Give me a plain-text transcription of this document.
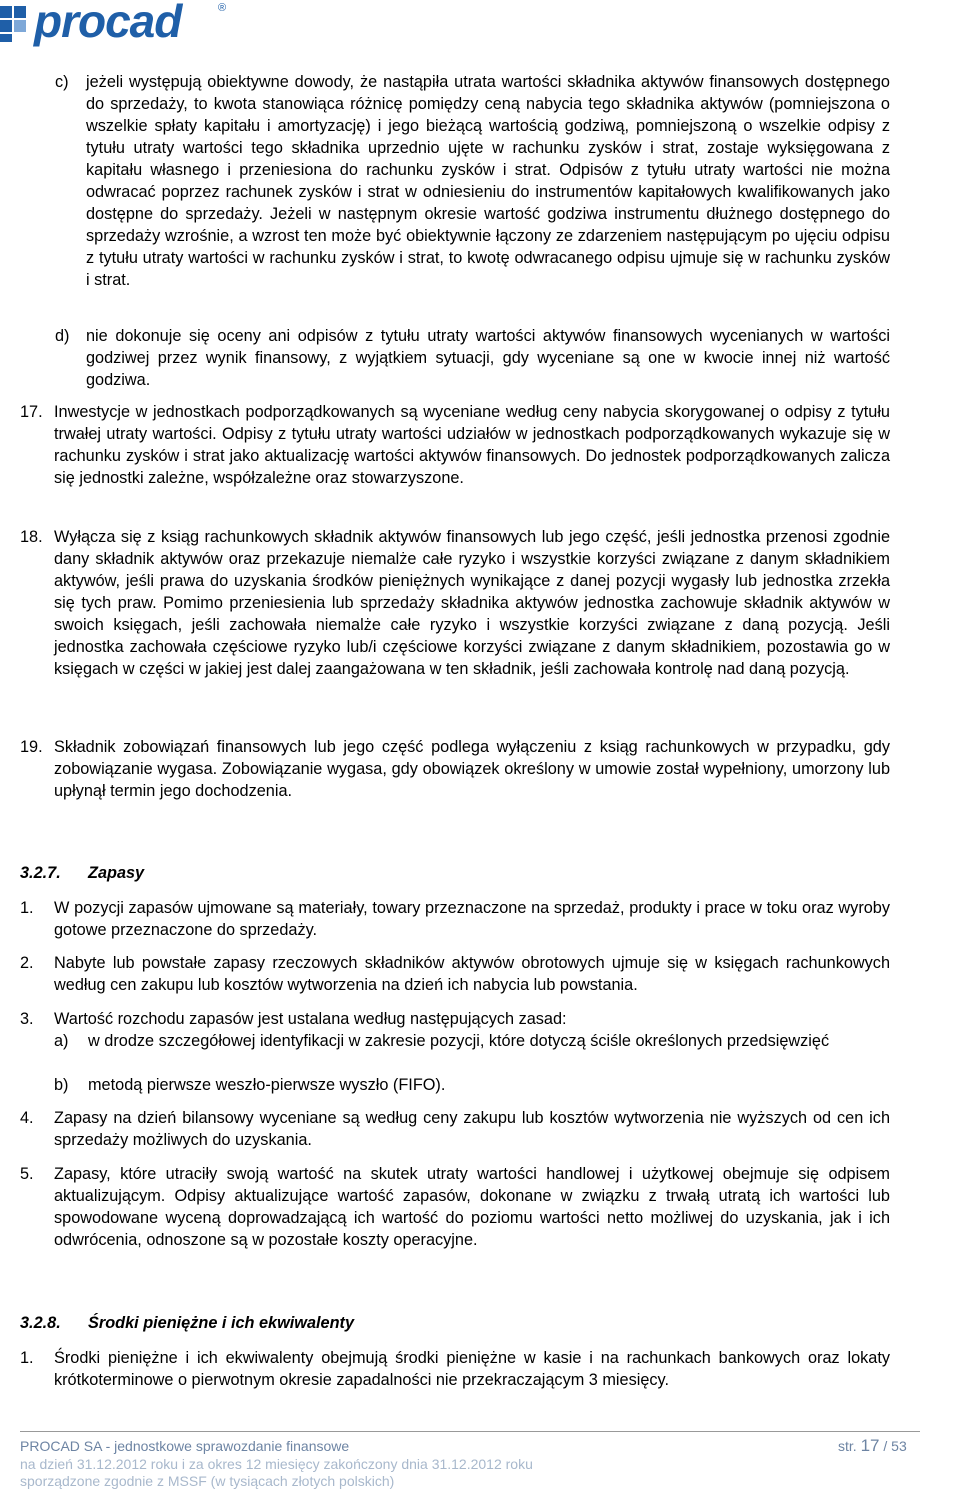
procad	®
c) jeżeli występują obiektywne dowody, że nastąpiła utrata wartości składnika aktywów finansowych dostępnego do sprzedaży, to kwota stanowiąca różnicę pomiędzy ceną nabycia tego składnika aktywów (pomniejszona o wszelkie spłaty kapitału i amortyzację) i jego bieżącą wartością godziwą, pomniejszoną o wszelkie odpisy z tytułu utraty wartości tego składnika uprzednio ujęte w rachunku zysków i strat, zostaje wyksięgowana z kapitału własnego i przeniesiona do rachunku zysków i strat. Odpisów z tytułu utraty wartości nie można odwracać poprzez rachunek zysków i strat w odniesieniu do instrumentów kapitałowych kwalifikowanych jako dostępne do sprzedaży. Jeżeli w następnym okresie wartość godziwa instrumentu dłużnego dostępnego do sprzedaży wzrośnie, a wzrost ten może być obiektywnie łączony ze zdarzeniem następującym po ujęciu odpisu z tytułu utraty wartości w rachunku zysków i strat, to kwotę odwracanego odpisu ujmuje się w rachunku zysków i strat.

d) nie dokonuje się oceny ani odpisów z tytułu utraty wartości aktywów finansowych wycenianych w wartości godziwej przez wynik finansowy, z wyjątkiem sytuacji, gdy wyceniane są one w kwocie innej niż wartość godziwa.

17. Inwestycje w jednostkach podporządkowanych są wyceniane według ceny nabycia skorygowanej o odpisy z tytułu trwałej utraty wartości. Odpisy z tytułu utraty wartości udziałów w jednostkach podporządkowanych wykazuje się w rachunku zysków i strat jako aktualizację wartości aktywów finansowych. Do jednostek podporządkowanych zalicza się jednostki zależne, współzależne oraz stowarzyszone.

18. Wyłącza się z ksiąg rachunkowych składnik aktywów finansowych lub jego część, jeśli jednostka przenosi zgodnie dany składnik aktywów oraz przekazuje niemalże całe ryzyko i wszystkie korzyści związane z danym składnikiem aktywów, jeśli prawa do uzyskania środków pieniężnych wynikające z danej pozycji wygasły lub jednostka zrzekła się tych praw. Pomimo przeniesienia lub sprzedaży składnika aktywów jednostka zachowuje składnik aktywów w swoich księgach, jeśli zachowała niemalże całe ryzyko i wszystkie korzyści związane z daną pozycją. Jeśli jednostka zachowała częściowe ryzyko lub/i częściowe korzyści związane z danym składnikiem, pozostawia go w księgach w części w jakiej jest dalej zaangażowana w ten składnik, jeśli zachowała kontrolę nad daną pozycją.

19. Składnik zobowiązań finansowych lub jego część podlega wyłączeniu z ksiąg rachunkowych w przypadku, gdy zobowiązanie wygasa. Zobowiązanie wygasa, gdy obowiązek określony w umowie został wypełniony, umorzony lub upłynął termin jego dochodzenia.

3.2.7. Zapasy
1. W pozycji zapasów ujmowane są materiały, towary przeznaczone na sprzedaż, produkty i prace w toku oraz wyroby gotowe przeznaczone do sprzedaży.

2. Nabyte lub powstałe zapasy rzeczowych składników aktywów obrotowych ujmuje się w księgach rachunkowych według cen zakupu lub kosztów wytworzenia na dzień ich nabycia lub powstania.

3. Wartość rozchodu zapasów jest ustalana według następujących zasad:

a) w drodze szczegółowej identyfikacji w zakresie pozycji, które dotyczą ściśle określonych przedsięwzięć

b) metodą pierwsze weszło-pierwsze wyszło (FIFO).

4. Zapasy na dzień bilansowy wyceniane są według ceny zakupu lub kosztów wytworzenia nie wyższych od cen ich sprzedaży możliwych do uzyskania.

5. Zapasy, które utraciły swoją wartość na skutek utraty wartości handlowej i użytkowej obejmuje się odpisem aktualizującym. Odpisy aktualizujące wartość zapasów, dokonane w związku z trwałą utratą ich wartości lub spowodowane wyceną doprowadzającą ich wartość do poziomu wartości netto możliwej do uzyskania, jak i ich odwrócenia, odnoszone są w pozostałe koszty operacyjne.

3.2.8. Środki pieniężne i ich ekwiwalenty
1. Środki pieniężne i ich ekwiwalenty obejmują środki pieniężne w kasie i na rachunkach bankowych oraz lokaty krótkoterminowe o pierwotnym okresie zapadalności nie przekraczającym 3 miesięcy.

PROCAD SA - jednostkowe sprawozdanie finansowe
na dzień 31.12.2012 roku i za okres 12 miesięcy zakończony dnia 31.12.2012 roku
sporządzone zgodnie z MSSF (w tysiącach złotych polskich)
str. 17 / 53
